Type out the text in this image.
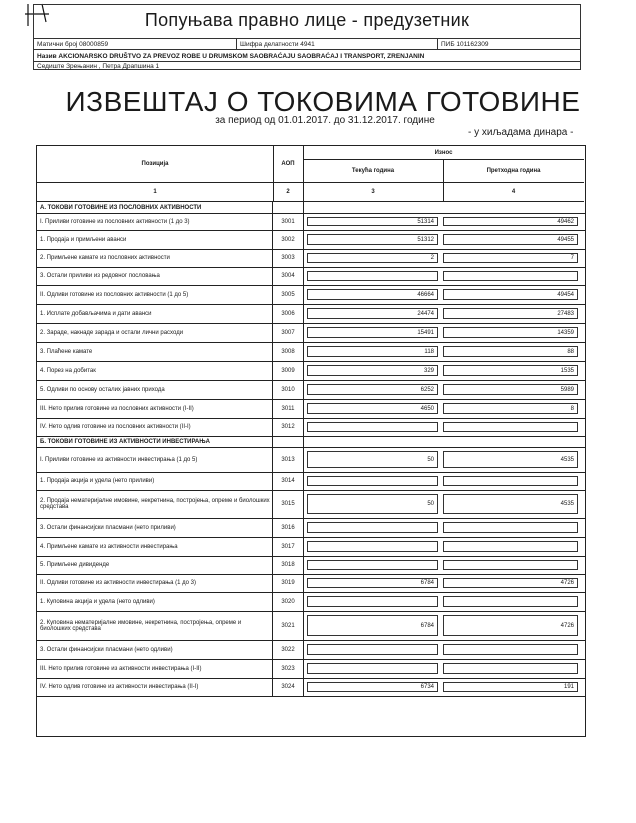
Попуњава правно лице - предузетник
Матични број 08000859	Шифра делатности 4941	ПИБ 101162309
Назив AKCIONARSKO DRUŠTVO ZA PREVOZ ROBE U DRUMSKOM SAOBRAĆAJU SAOBRAĆAJ I TRANSPORT, ZRENJANIN
Седиште Зрењанин , Петра Драпшина 1
ИЗВЕШТАЈ О ТОКОВИМА ГОТОВИНЕ
за период од 01.01.2017. до 31.12.2017. године
- у хиљадама динара -
Позиција	АОП
Износ
Текућа година	Претходна година
1	2	3	4
А. ТОКОВИ ГОТОВИНЕ ИЗ ПОСЛОВНИХ АКТИВНОСТИ
I. Приливи готовине из пословних активности (1 до 3)	3001	51314	49462
1. Продаја и примљени аванси	3002	51312	49455
2. Примљене камате из пословних активности	3003	2	7
3. Остали приливи из редовног пословања	3004
II. Одливи готовине из пословних активности (1 до 5)	3005	46664	49454
1. Исплате добављачима и дати аванси	3006	24474	27483
2. Зараде, накнаде зарада и остали лични расходи	3007	15491	14359
3. Плаћене камате	3008	118	88
4. Порез на добитак	3009	329	1535
5. Одливи по основу осталих јавних прихода	3010	6252	5989
III. Нето прилив готовине из пословних активности (I-II)	3011	4650	8
IV. Нето одлив готовине из пословних активности (II-I)	3012
Б. ТОКОВИ ГОТОВИНЕ ИЗ АКТИВНОСТИ ИНВЕСТИРАЊА
I. Приливи готовине из активности инвестирања (1 до 5)	3013	50	4535
1. Продаја акција и удела (нето приливи)	3014
2. Продаја нематеријалне имовине, некретнина, постројења, опреме и биолошких средстава	3015	50	4535
3. Остали финансијски пласмани (нето приливи)	3016
4. Примљене камате из активности инвестирања	3017
5. Примљене дивиденде	3018
II. Одливи готовине из активности инвестирања (1 до 3)	3019	6784	4726
1. Куповина акција и удела (нето одливи)	3020
2. Куповина нематеријалне имовине, некретнина, постројења, опреме и биолошких средстава	3021	6784	4726
3. Остали финансијски пласмани (нето одливи)	3022
III. Нето прилив готовине из активности инвестирања (I-II)	3023
IV. Нето одлив готовине из активности инвестирања (II-I)	3024	6734	191
